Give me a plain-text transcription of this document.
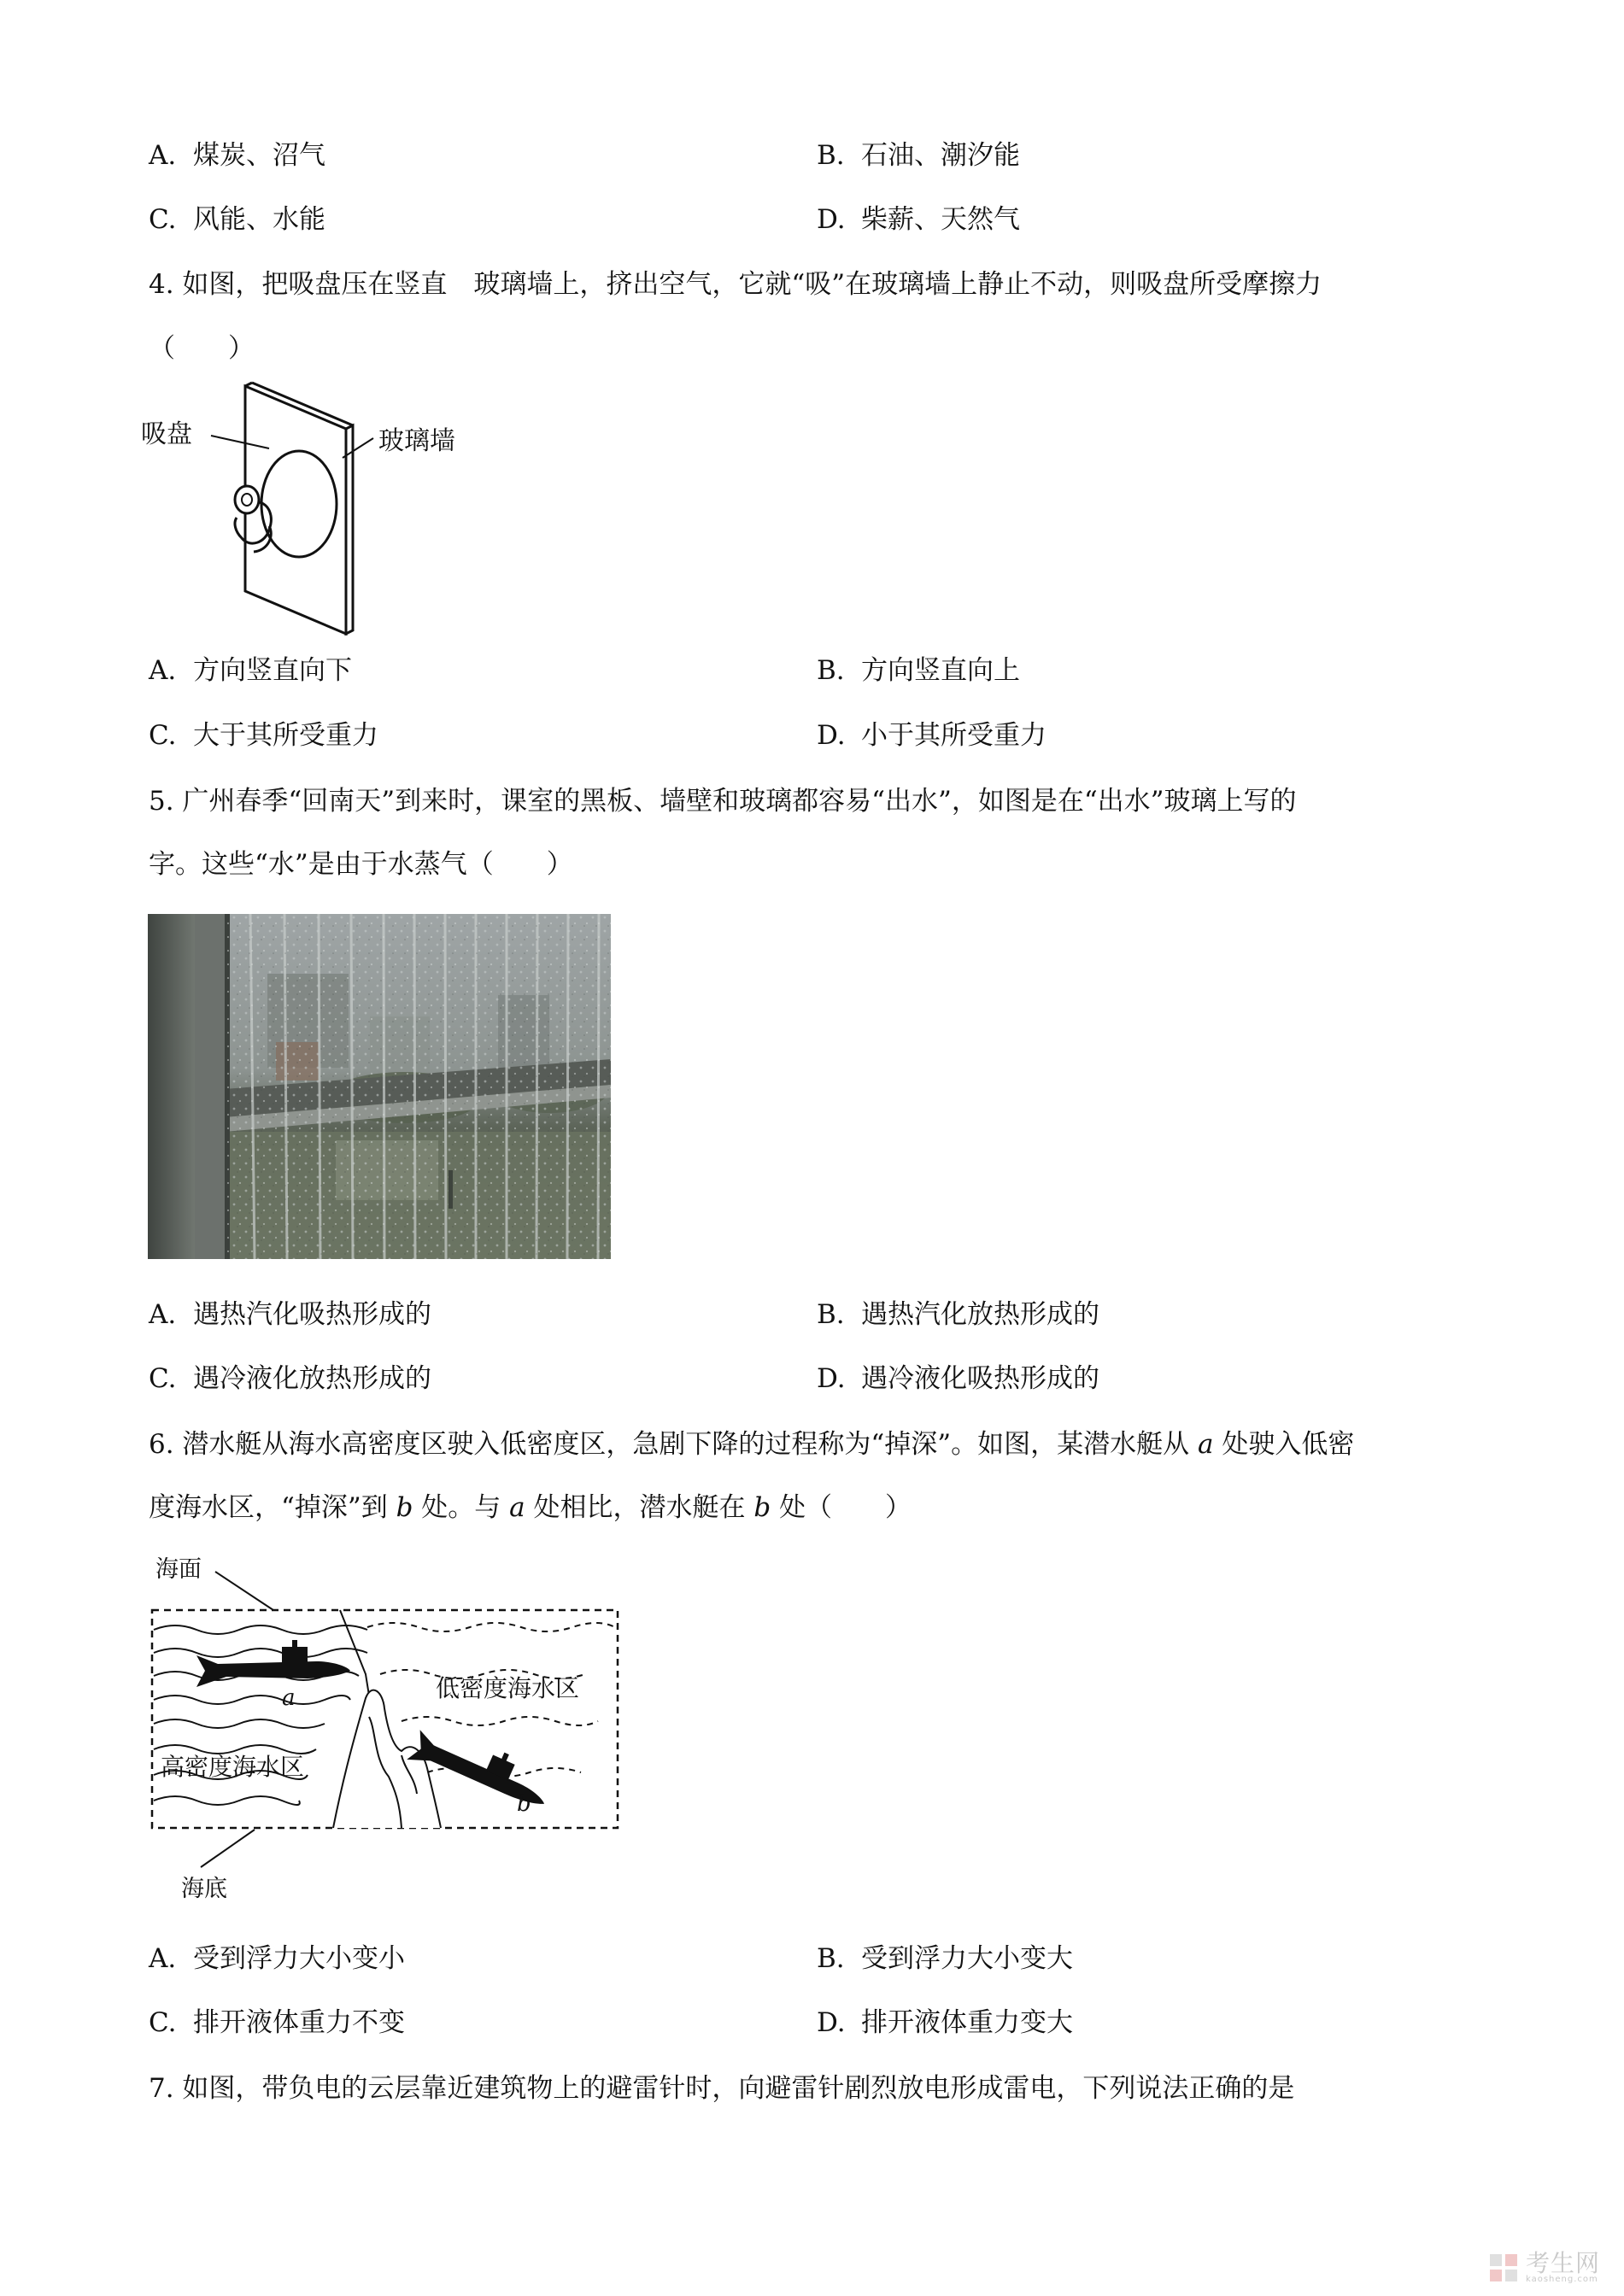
A. 煤炭、沼气	B. 石油、潮汐能
C. 风能、水能	D. 柴薪、天然气
4. 如图，把吸盘压在竖直　玻璃墙上，挤出空气，它就“吸”在玻璃墙上静止不动，则吸盘所受摩擦力
（　　）
吸盘	玻璃墙
A. 方向竖直向下	B. 方向竖直向上
C. 大于其所受重力	D. 小于其所受重力
5. 广州春季“回南天”到来时，课室的黑板、墙壁和玻璃都容易“出水”，如图是在“出水”玻璃上写的
字。这些“水”是由于水蒸气（　　）
A. 遇热汽化吸热形成的	B. 遇热汽化放热形成的
C. 遇冷液化放热形成的	D. 遇冷液化吸热形成的
6. 潜水艇从海水高密度区驶入低密度区，急剧下降的过程称为“掉深”。如图，某潜水艇从 a 处驶入低密
度海水区，“掉深”到 b 处。与 a 处相比，潜水艇在 b 处（　　）
海面
a
b
低密度海水区
高密度海水区
海底
A. 受到浮力大小变小	B. 受到浮力大小变大
C. 排开液体重力不变	D. 排开液体重力变大
7. 如图，带负电的云层靠近建筑物上的避雷针时，向避雷针剧烈放电形成雷电，下列说法正确的是
考生网
kaosheng.com
